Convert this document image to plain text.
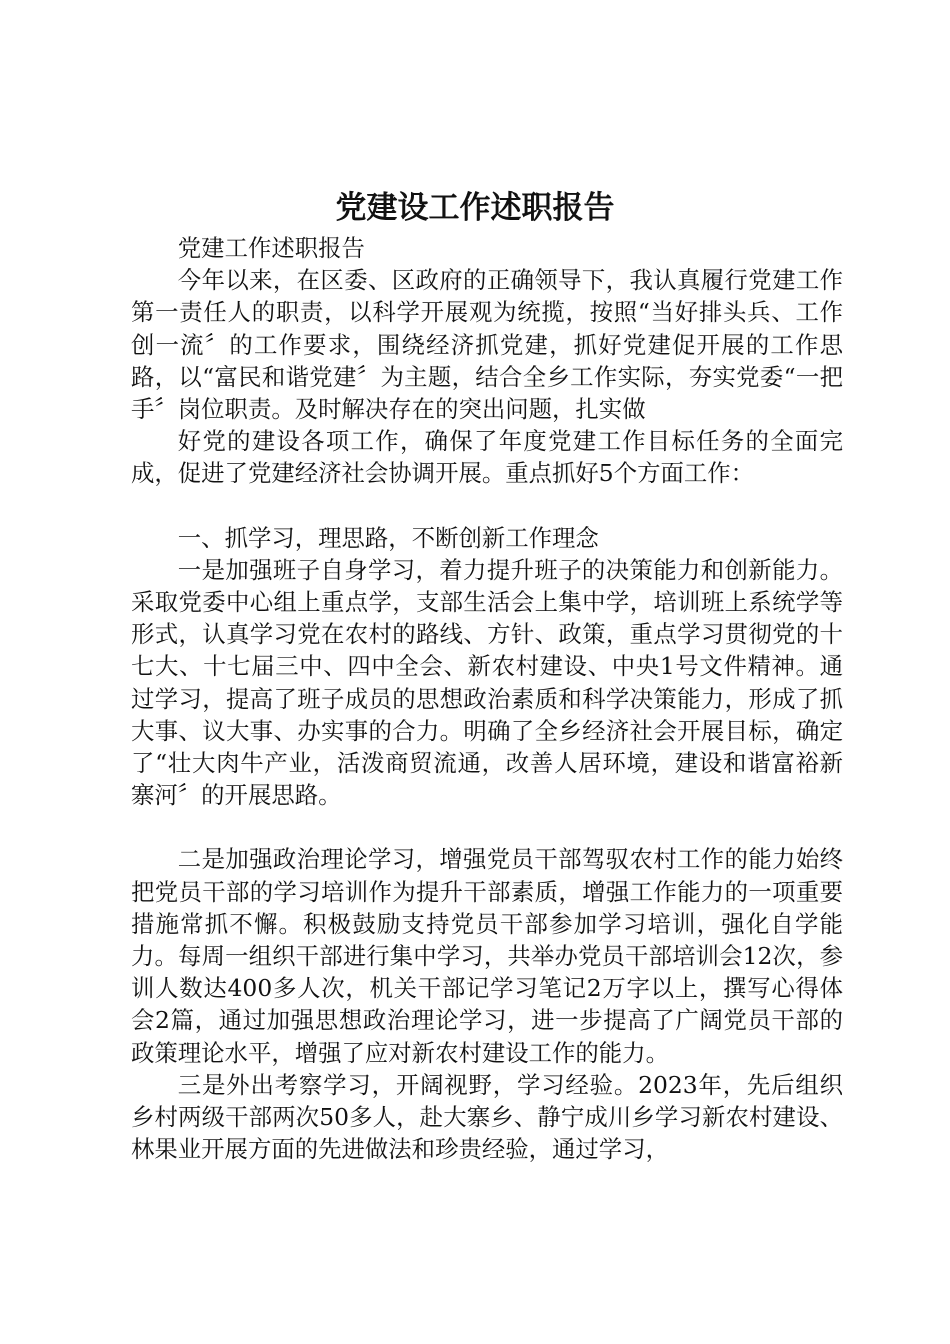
党建设工作述职报告

党建工作述职报告

今年以来，在区委、区政府的正确领导下，我认真履行党建工作第一责任人的职责，以科学开展观为统揽，按照“当好排头兵、工作创一流〞的工作要求，围绕经济抓党建，抓好党建促开展的工作思路，以“富民和谐党建〞为主题，结合全乡工作实际，夯实党委“一把手〞岗位职责。及时解决存在的突出问题，扎实做

好党的建设各项工作，确保了年度党建工作目标任务的全面完成，促进了党建经济社会协调开展。重点抓好5个方面工作：

一、抓学习，理思路，不断创新工作理念

一是加强班子自身学习，着力提升班子的决策能力和创新能力。采取党委中心组上重点学，支部生活会上集中学，培训班上系统学等形式，认真学习党在农村的路线、方针、政策，重点学习贯彻党的十七大、十七届三中、四中全会、新农村建设、中央1号文件精神。通过学习，提高了班子成员的思想政治素质和科学决策能力，形成了抓大事、议大事、办实事的合力。明确了全乡经济社会开展目标，确定了“壮大肉牛产业，活泼商贸流通，改善人居环境，建设和谐富裕新寨河〞的开展思路。

二是加强政治理论学习，增强党员干部驾驭农村工作的能力始终把党员干部的学习培训作为提升干部素质，增强工作能力的一项重要措施常抓不懈。积极鼓励支持党员干部参加学习培训，强化自学能力。每周一组织干部进行集中学习，共举办党员干部培训会12次，参训人数达400多人次，机关干部记学习笔记2万字以上，撰写心得体会2篇，通过加强思想政治理论学习，进一步提高了广阔党员干部的政策理论水平，增强了应对新农村建设工作的能力。

三是外出考察学习，开阔视野，学习经验。2023年，先后组织乡村两级干部两次50多人，赴大寨乡、静宁成川乡学习新农村建设、林果业开展方面的先进做法和珍贵经验，通过学习，
